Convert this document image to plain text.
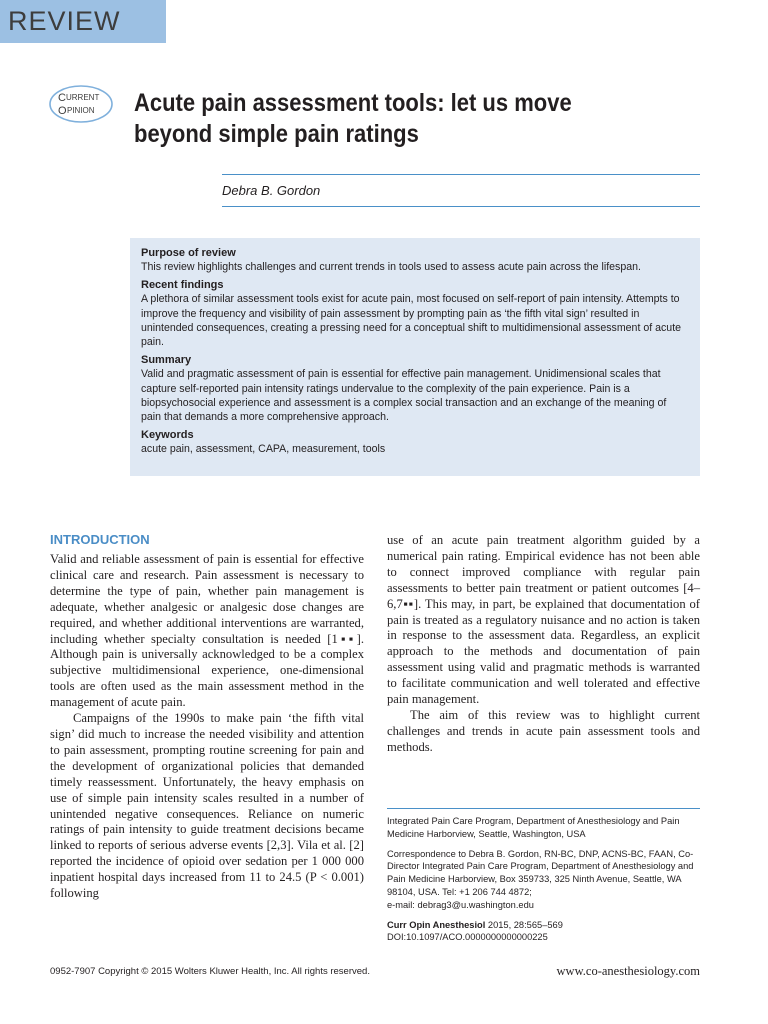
REVIEW
C URRENT
O PINION Acute pain assessment tools: let us move beyond simple pain ratings
Debra B. Gordon
Purpose of review

This review highlights challenges and current trends in tools used to assess acute pain across the lifespan.

Recent findings

A plethora of similar assessment tools exist for acute pain, most focused on self-report of pain intensity. Attempts to improve the frequency and visibility of pain assessment by prompting pain as ‘the fifth vital sign’ resulted in unintended consequences, creating a pressing need for a conceptual shift to multidimensional assessment of acute pain.

Summary

Valid and pragmatic assessment of pain is essential for effective pain management. Unidimensional scales that capture self-reported pain intensity ratings undervalue to the complexity of the pain experience. Pain is a biopsychosocial experience and assessment is a complex social transaction and an exchange of the meaning of pain that demands a more comprehensive approach.

Keywords

acute pain, assessment, CAPA, measurement, tools

INTRODUCTION

Valid and reliable assessment of pain is essential for effective clinical care and research. Pain assessment is necessary to determine the type of pain, whether pain management is adequate, whether analgesic or analgesic dose changes are required, and whether additional interventions are warranted, including whether specialty consultation is needed [1▪▪]. Although pain is universally acknowledged to be a complex subjective multidimensional experience, one-dimensional tools are often used as the main assessment method in the management of acute pain.

Campaigns of the 1990s to make pain ‘the fifth vital sign’ did much to increase the needed visibility and attention to pain assessment, prompting routine screening for pain and the development of organizational policies that demanded timely reassessment. Unfortunately, the heavy emphasis on use of simple pain intensity scales resulted in a number of unintended negative consequences. Reliance on numeric ratings of pain intensity to guide treatment decisions became linked to reports of serious adverse events [2,3]. Vila et al. [2] reported the incidence of opioid over sedation per 1 000 000 inpatient hospital days increased from 11 to 24.5 (P < 0.001) following

use of an acute pain treatment algorithm guided by a numerical pain rating. Empirical evidence has not been able to connect improved compliance with regular pain assessments to better pain treatment or patient outcomes [4–6,7▪▪]. This may, in part, be explained that documentation of pain is treated as a regulatory nuisance and no action is taken in response to the assessment data. Regardless, an explicit approach to the methods and documentation of pain assessment using valid and pragmatic methods is warranted to facilitate communication and well tolerated and effective pain management.

The aim of this review was to highlight current challenges and trends in acute pain assessment tools and methods.

Integrated Pain Care Program, Department of Anesthesiology and Pain Medicine Harborview, Seattle, Washington, USA

Correspondence to Debra B. Gordon, RN-BC, DNP, ACNS-BC, FAAN, Co-Director Integrated Pain Care Program, Department of Anesthesiology and Pain Medicine Harborview, Box 359733, 325 Ninth Avenue, Seattle, WA 98104, USA. Tel: +1 206 744 4872;

e-mail: debrag3@u.washington.edu

Curr Opin Anesthesiol 2015, 28:565–569

DOI:10.1097/ACO.0000000000000225

0952-7907 Copyright © 2015 Wolters Kluwer Health, Inc. All rights reserved.	www.co-anesthesiology.com
